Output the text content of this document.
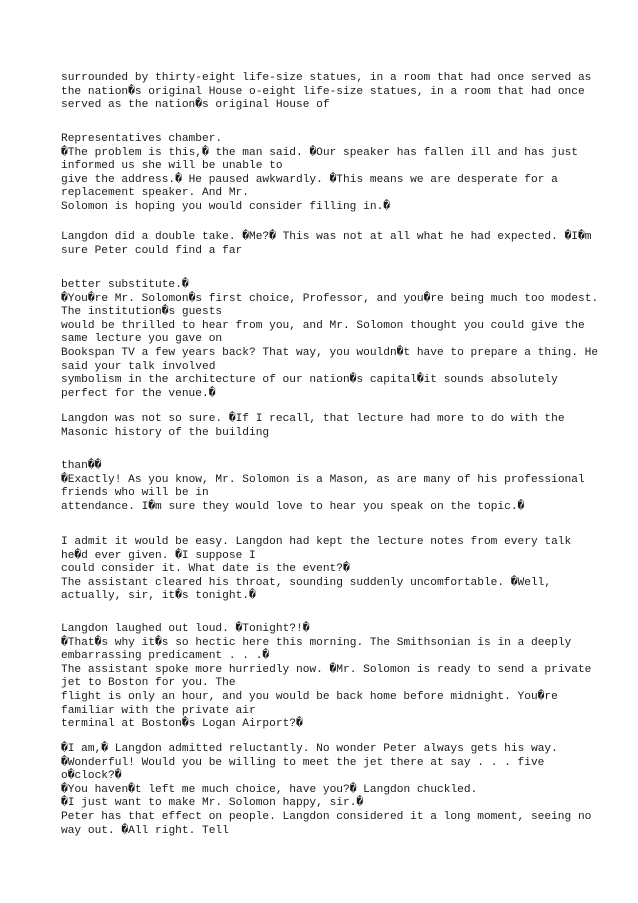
surrounded by thirty-eight life-size statues, in a room that had once served as
the nation�s original House o-eight life-size statues, in a room that had once
served as the nation�s original House of
Representatives chamber.
�The problem is this,� the man said. �Our speaker has fallen ill and has just
informed us she will be unable to
give the address.� He paused awkwardly. �This means we are desperate for a
replacement speaker. And Mr.
Solomon is hoping you would consider filling in.�
Langdon did a double take. �Me?� This was not at all what he had expected. �I�m
sure Peter could find a far
better substitute.�
�You�re Mr. Solomon�s first choice, Professor, and you�re being much too modest.
The institution�s guests
would be thrilled to hear from you, and Mr. Solomon thought you could give the
same lecture you gave on
Bookspan TV a few years back? That way, you wouldn�t have to prepare a thing. He
said your talk involved
symbolism in the architecture of our nation�s capital�it sounds absolutely
perfect for the venue.�
Langdon was not so sure. �If I recall, that lecture had more to do with the
Masonic history of the building
than��
�Exactly! As you know, Mr. Solomon is a Mason, as are many of his professional
friends who will be in
attendance. I�m sure they would love to hear you speak on the topic.�
I admit it would be easy. Langdon had kept the lecture notes from every talk
he�d ever given. �I suppose I
could consider it. What date is the event?�
The assistant cleared his throat, sounding suddenly uncomfortable. �Well,
actually, sir, it�s tonight.�
Langdon laughed out loud. �Tonight?!�
�That�s why it�s so hectic here this morning. The Smithsonian is in a deeply
embarrassing predicament . . .�
The assistant spoke more hurriedly now. �Mr. Solomon is ready to send a private
jet to Boston for you. The
flight is only an hour, and you would be back home before midnight. You�re
familiar with the private air
terminal at Boston�s Logan Airport?�
�I am,� Langdon admitted reluctantly. No wonder Peter always gets his way.
�Wonderful! Would you be willing to meet the jet there at say . . . five
o�clock?�
�You haven�t left me much choice, have you?� Langdon chuckled.
�I just want to make Mr. Solomon happy, sir.�
Peter has that effect on people. Langdon considered it a long moment, seeing no
way out. �All right. Tell
